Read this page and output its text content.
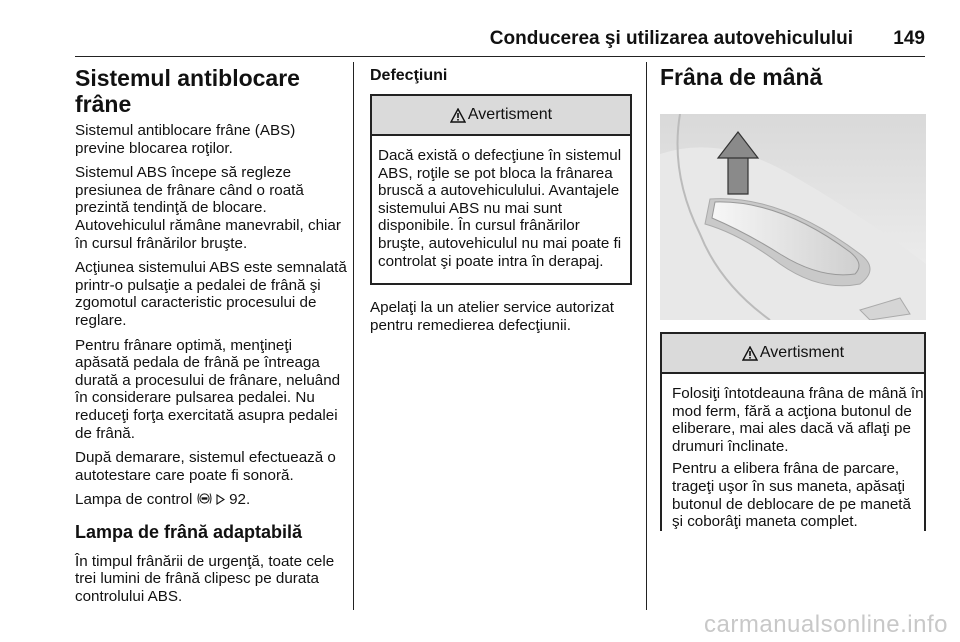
Conducerea şi utilizarea autovehiculului 149
Sistemul antiblocare frâne

Sistemul antiblocare frâne (ABS) previne blocarea roţilor.

Sistemul ABS începe să regleze presiunea de frânare când o roată prezintă tendinţă de blocare. Autovehiculul rămâne manevrabil, chiar în cursul frânărilor bruşte.

Acţiunea sistemului ABS este semnalată printr-o pulsaţie a pedalei de frână şi zgomotul caracteristic procesului de reglare.

Pentru frânare optimă, menţineţi apăsată pedala de frână pe întreaga durată a procesului de frânare, neluând în considerare pulsarea pedalei. Nu reduceţi forţa exercitată asupra pedalei de frână.

După demarare, sistemul efectuează o autotestare care poate fi sonoră.

Lampa de control 92.

Lampa de frână adaptabilă

În timpul frânării de urgenţă, toate cele trei lumini de frână clipesc pe durata controlului ABS.

Defecţiuni
Avertisment

Dacă există o defecţiune în sistemul ABS, roţile se pot bloca la frânarea bruscă a autovehiculului. Avantajele sistemului ABS nu mai sunt disponibile. În cursul frânărilor bruşte, autovehiculul nu mai poate fi controlat şi poate intra în derapaj.

Apelaţi la un atelier service autorizat pentru remedierea defecţiunii.

Frâna de mână
Avertisment

Folosiţi întotdeauna frâna de mână în mod ferm, fără a acţiona butonul de eliberare, mai ales dacă vă aflaţi pe drumuri înclinate.

Pentru a elibera frâna de parcare, trageţi uşor în sus maneta, apăsaţi butonul de deblocare de pe manetă şi coborâţi maneta complet.

carmanualsonline.info
